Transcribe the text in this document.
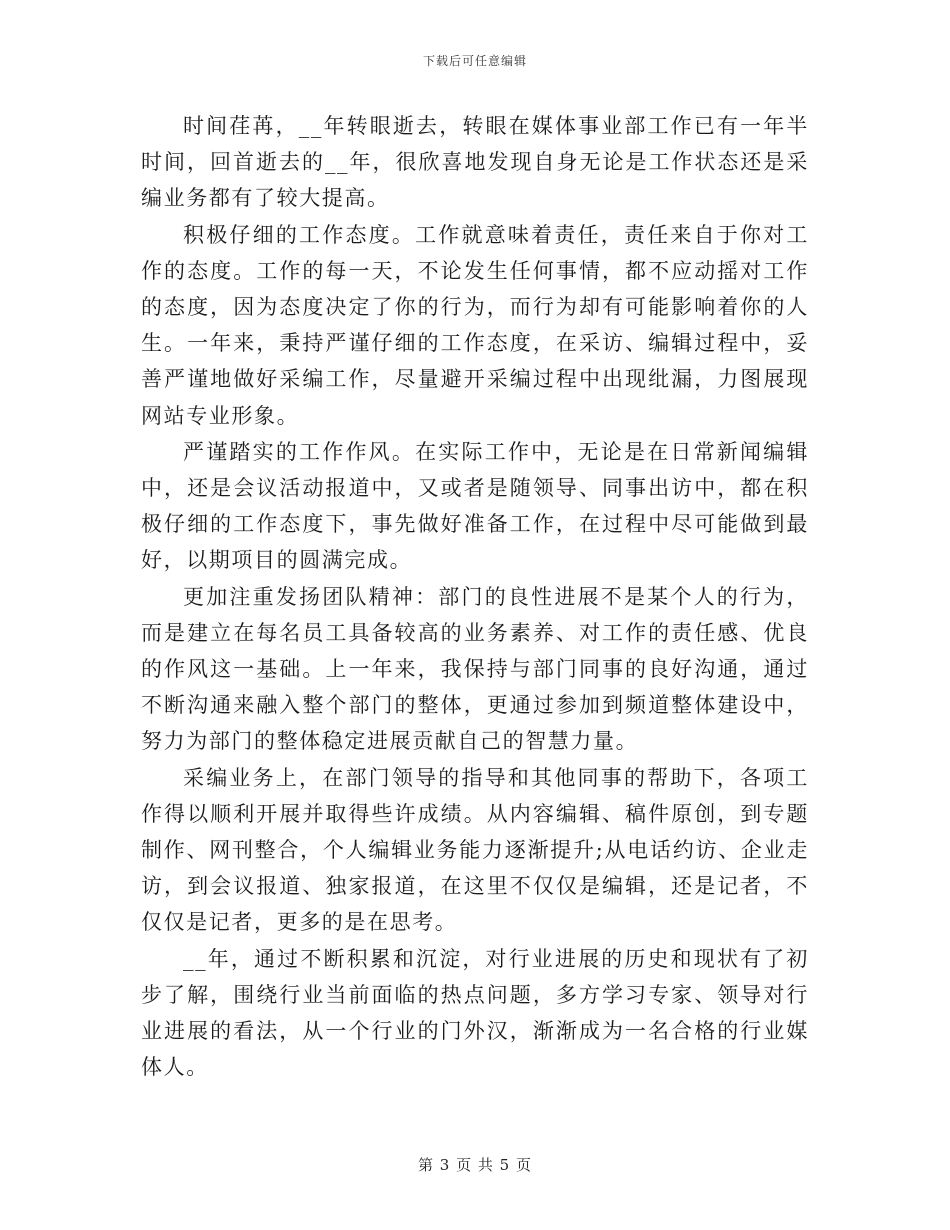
下载后可任意编辑

时间荏苒，__年转眼逝去，转眼在媒体事业部工作已有一年半时间，回首逝去的__年，很欣喜地发现自身无论是工作状态还是采编业务都有了较大提高。

积极仔细的工作态度。工作就意味着责任，责任来自于你对工作的态度。工作的每一天，不论发生任何事情，都不应动摇对工作的态度，因为态度决定了你的行为，而行为却有可能影响着你的人生。一年来，秉持严谨仔细的工作态度，在采访、编辑过程中，妥善严谨地做好采编工作，尽量避开采编过程中出现纰漏，力图展现网站专业形象。

严谨踏实的工作作风。在实际工作中，无论是在日常新闻编辑中，还是会议活动报道中，又或者是随领导、同事出访中，都在积极仔细的工作态度下，事先做好准备工作，在过程中尽可能做到最好，以期项目的圆满完成。

更加注重发扬团队精神：部门的良性进展不是某个人的行为，而是建立在每名员工具备较高的业务素养、对工作的责任感、优良的作风这一基础。上一年来，我保持与部门同事的良好沟通，通过不断沟通来融入整个部门的整体，更通过参加到频道整体建设中，努力为部门的整体稳定进展贡献自己的智慧力量。

采编业务上，在部门领导的指导和其他同事的帮助下，各项工作得以顺利开展并取得些许成绩。从内容编辑、稿件原创，到专题制作、网刊整合，个人编辑业务能力逐渐提升;从电话约访、企业走访，到会议报道、独家报道，在这里不仅仅是编辑，还是记者，不仅仅是记者，更多的是在思考。

__年，通过不断积累和沉淀，对行业进展的历史和现状有了初步了解，围绕行业当前面临的热点问题，多方学习专家、领导对行业进展的看法，从一个行业的门外汉，渐渐成为一名合格的行业媒体人。

第 3 页 共 5 页
